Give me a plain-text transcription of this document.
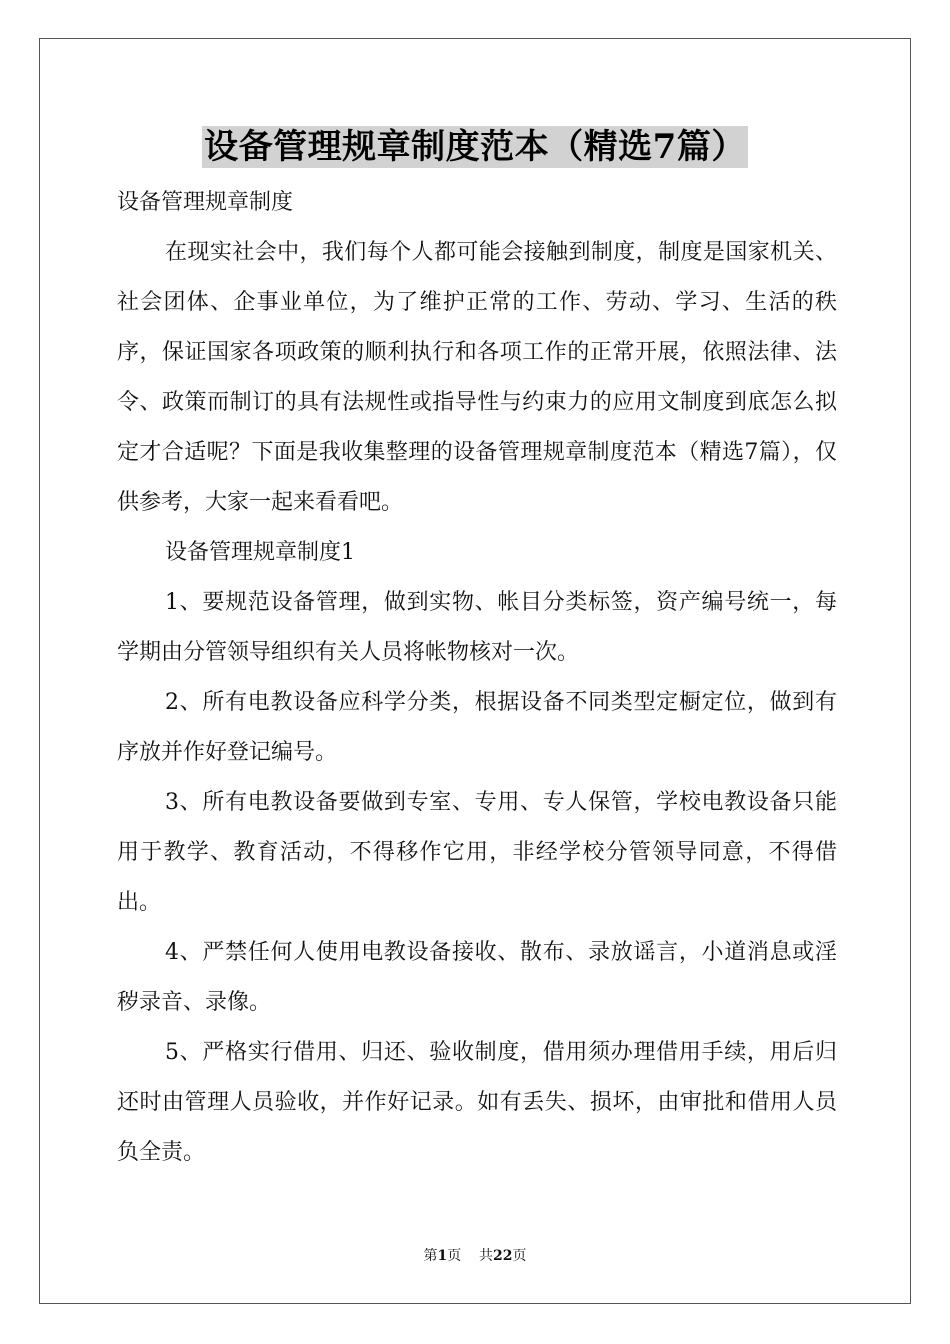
设备管理规章制度范本（精选7篇）

设备管理规章制度

在现实社会中，我们每个人都可能会接触到制度，制度是国家机关、社会团体、企事业单位，为了维护正常的工作、劳动、学习、生活的秩序，保证国家各项政策的顺利执行和各项工作的正常开展，依照法律、法令、政策而制订的具有法规性或指导性与约束力的应用文制度到底怎么拟定才合适呢？下面是我收集整理的设备管理规章制度范本（精选7篇），仅供参考，大家一起来看看吧。

设备管理规章制度1

1、要规范设备管理，做到实物、帐目分类标签，资产编号统一，每学期由分管领导组织有关人员将帐物核对一次。

2、所有电教设备应科学分类，根据设备不同类型定橱定位，做到有序放并作好登记编号。

3、所有电教设备要做到专室、专用、专人保管，学校电教设备只能用于教学、教育活动，不得移作它用，非经学校分管领导同意，不得借出。

4、严禁任何人使用电教设备接收、散布、录放谣言，小道消息或淫秽录音、录像。

5、严格实行借用、归还、验收制度，借用须办理借用手续，用后归还时由管理人员验收，并作好记录。如有丢失、损坏，由审批和借用人员负全责。

第1页 共22页
